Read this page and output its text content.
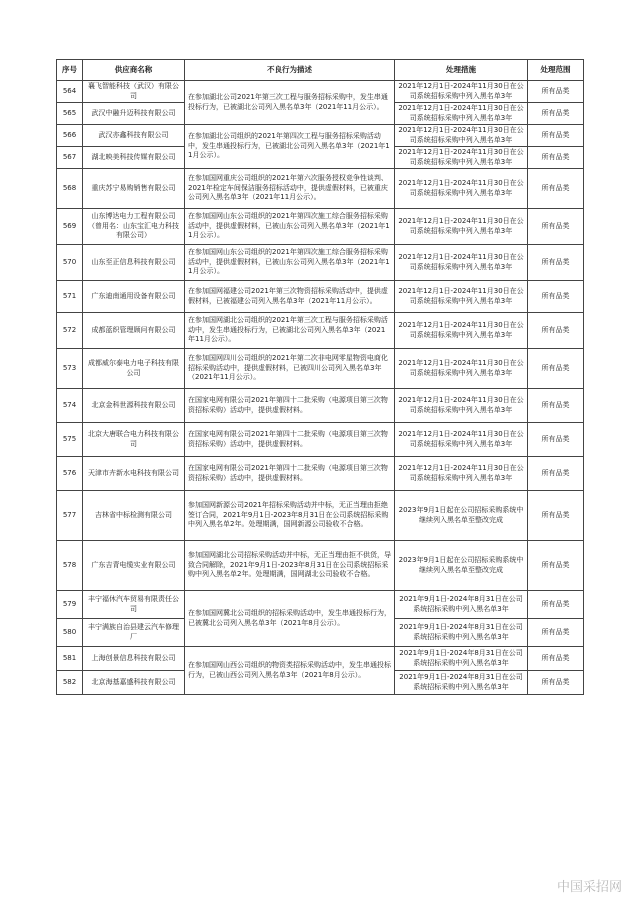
序号	供应商名称	不良行为描述	处理措施	处理范围
564	襄飞智能科技（武汉）有限公司	在参加湖北公司2021年第三次工程与服务招标采购中，发生串通投标行为，已被湖北公司列入黑名单3年（2021年11月公示）。	2021年12月1日-2024年11月30日在公司系统招标采购中列入黑名单3年	所有品类
565	武汉中融升迈科技有限公司		2021年12月1日-2024年11月30日在公司系统招标采购中列入黑名单3年	所有品类
566	武汉亦鑫科技有限公司	在参加湖北公司组织的2021年第四次工程与服务招标采购活动中，发生串通投标行为，已被湖北公司列入黑名单3年（2021年11月公示）。	2021年12月1日-2024年11月30日在公司系统招标采购中列入黑名单3年	所有品类
567	湖北映美科技传媒有限公司		2021年12月1日-2024年11月30日在公司系统招标采购中列入黑名单3年	所有品类
568	重庆苏宁易购销售有限公司	在参加国网重庆公司组织的2021年第六次服务授权竞争性谈判、2021年检定车间保洁服务招标活动中，提供虚假材料，已被重庆公司列入黑名单3年（2021年11月公示）。	2021年12月1日-2024年11月30日在公司系统招标采购中列入黑名单3年	所有品类
569	山东博达电力工程有限公司（曾用名：山东宝汇电力科技有限公司）	在参加国网山东公司组织的2021年第四次施工综合服务招标采购活动中，提供虚假材料，已被山东公司列入黑名单3年（2021年11月公示）。	2021年12月1日-2024年11月30日在公司系统招标采购中列入黑名单3年	所有品类
570	山东至正信息科技有限公司	在参加国网山东公司组织的2021年第四次施工综合服务招标采购活动中，提供虚假材料，已被山东公司列入黑名单3年（2021年11月公示）。	2021年12月1日-2024年11月30日在公司系统招标采购中列入黑名单3年	所有品类
571	广东迪南通用设备有限公司	在参加国网福建公司2021年第三次物资招标采购活动中，提供虚假材料，已被福建公司列入黑名单3年（2021年11月公示）。	2021年12月1日-2024年11月30日在公司系统招标采购中列入黑名单3年	所有品类
572	成都蓝织管理顾问有限公司	在参加国网湖北公司组织的2021年第三次工程与服务招标采购活动中，发生串通投标行为，已被湖北公司列入黑名单3年（2021年11月公示）。	2021年12月1日-2024年11月30日在公司系统招标采购中列入黑名单3年	所有品类
573	成都威尔泰电力电子科技有限公司	在参加国网四川公司组织的2021年第二次非电网零星物资电商化招标采购活动中，提供虚假材料，已被四川公司列入黑名单3年（2021年11月公示）。	2021年12月1日-2024年11月30日在公司系统招标采购中列入黑名单3年	所有品类
574	北京金科世源科技有限公司	在国家电网有限公司2021年第四十二批采购（电源项目第三次物资招标采购）活动中，提供虚假材料。	2021年12月1日-2024年11月30日在公司系统招标采购中列入黑名单3年	所有品类
575	北京大唐联合电力科技有限公司	在国家电网有限公司2021年第四十二批采购（电源项目第三次物资招标采购）活动中，提供虚假材料。	2021年12月1日-2024年11月30日在公司系统招标采购中列入黑名单3年	所有品类
576	天津市卉新水电科技有限公司	在国家电网有限公司2021年第四十二批采购（电源项目第三次物资招标采购）活动中，提供虚假材料。	2021年12月1日-2024年11月30日在公司系统招标采购中列入黑名单3年	所有品类
577	吉林省中标检测有限公司	参加国网新源公司2021年招标采购活动并中标，无正当理由拒绝签订合同，2021年9月1日-2023年8月31日在公司系统招标采购中列入黑名单2年。处理期满，国网新源公司验收不合格。	2023年9月1日起在公司招标采购系统中继续列入黑名单至整改完成	所有品类
578	广东吉青电缆实业有限公司	参加国网湖北公司招标采购活动并中标，无正当理由拒不供货，导致合同解除，2021年9月1日-2023年8月31日在公司系统招标采购中列入黑名单2年。处理期满，国网湖北公司验收不合格。	2023年9月1日起在公司招标采购系统中继续列入黑名单至整改完成	所有品类
579	丰宁福休汽车贸易有限责任公司	在参加国网冀北公司组织的招标采购活动中，发生串通投标行为，已被冀北公司列入黑名单3年（2021年8月公示）。	2021年9月1日-2024年8月31日在公司系统招标采购中列入黑名单3年	所有品类
580	丰宁满族自治县建云汽车修理厂		2021年9月1日-2024年8月31日在公司系统招标采购中列入黑名单3年	所有品类
581	上海创景信息科技有限公司	在参加国网山西公司组织的物资类招标采购活动中，发生串通投标行为，已被山西公司列入黑名单3年（2021年8月公示）。	2021年9月1日-2024年8月31日在公司系统招标采购中列入黑名单3年	所有品类
582	北京海基嘉盛科技有限公司		2021年9月1日-2024年8月31日在公司系统招标采购中列入黑名单3年	所有品类
中国采招网
